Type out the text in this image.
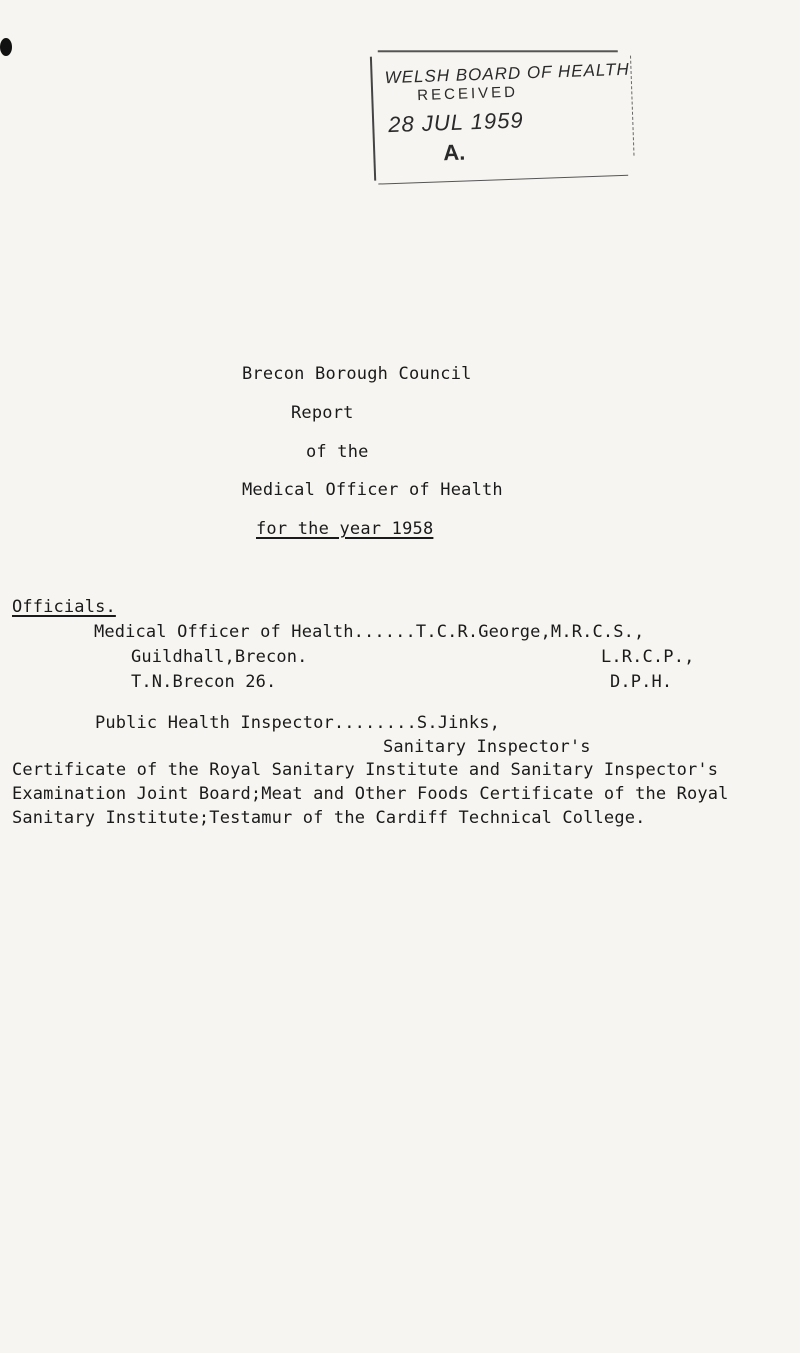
WELSH BOARD OF HEALTH
RECEIVED
28 JUL 1959
A.
Brecon Borough Council
Report
of the
Medical Officer of Health
for the year 1958
Officials.
Medical Officer of Health......T.C.R.George,M.R.C.S.,
Guildhall,Brecon.	L.R.C.P.,
T.N.Brecon 26.	D.P.H.
Public Health Inspector........S.Jinks,
Sanitary Inspector's
Certificate of the Royal Sanitary Institute and Sanitary Inspector's
Examination Joint Board;Meat and Other Foods Certificate of the Royal
Sanitary Institute;Testamur of the Cardiff Technical College.
